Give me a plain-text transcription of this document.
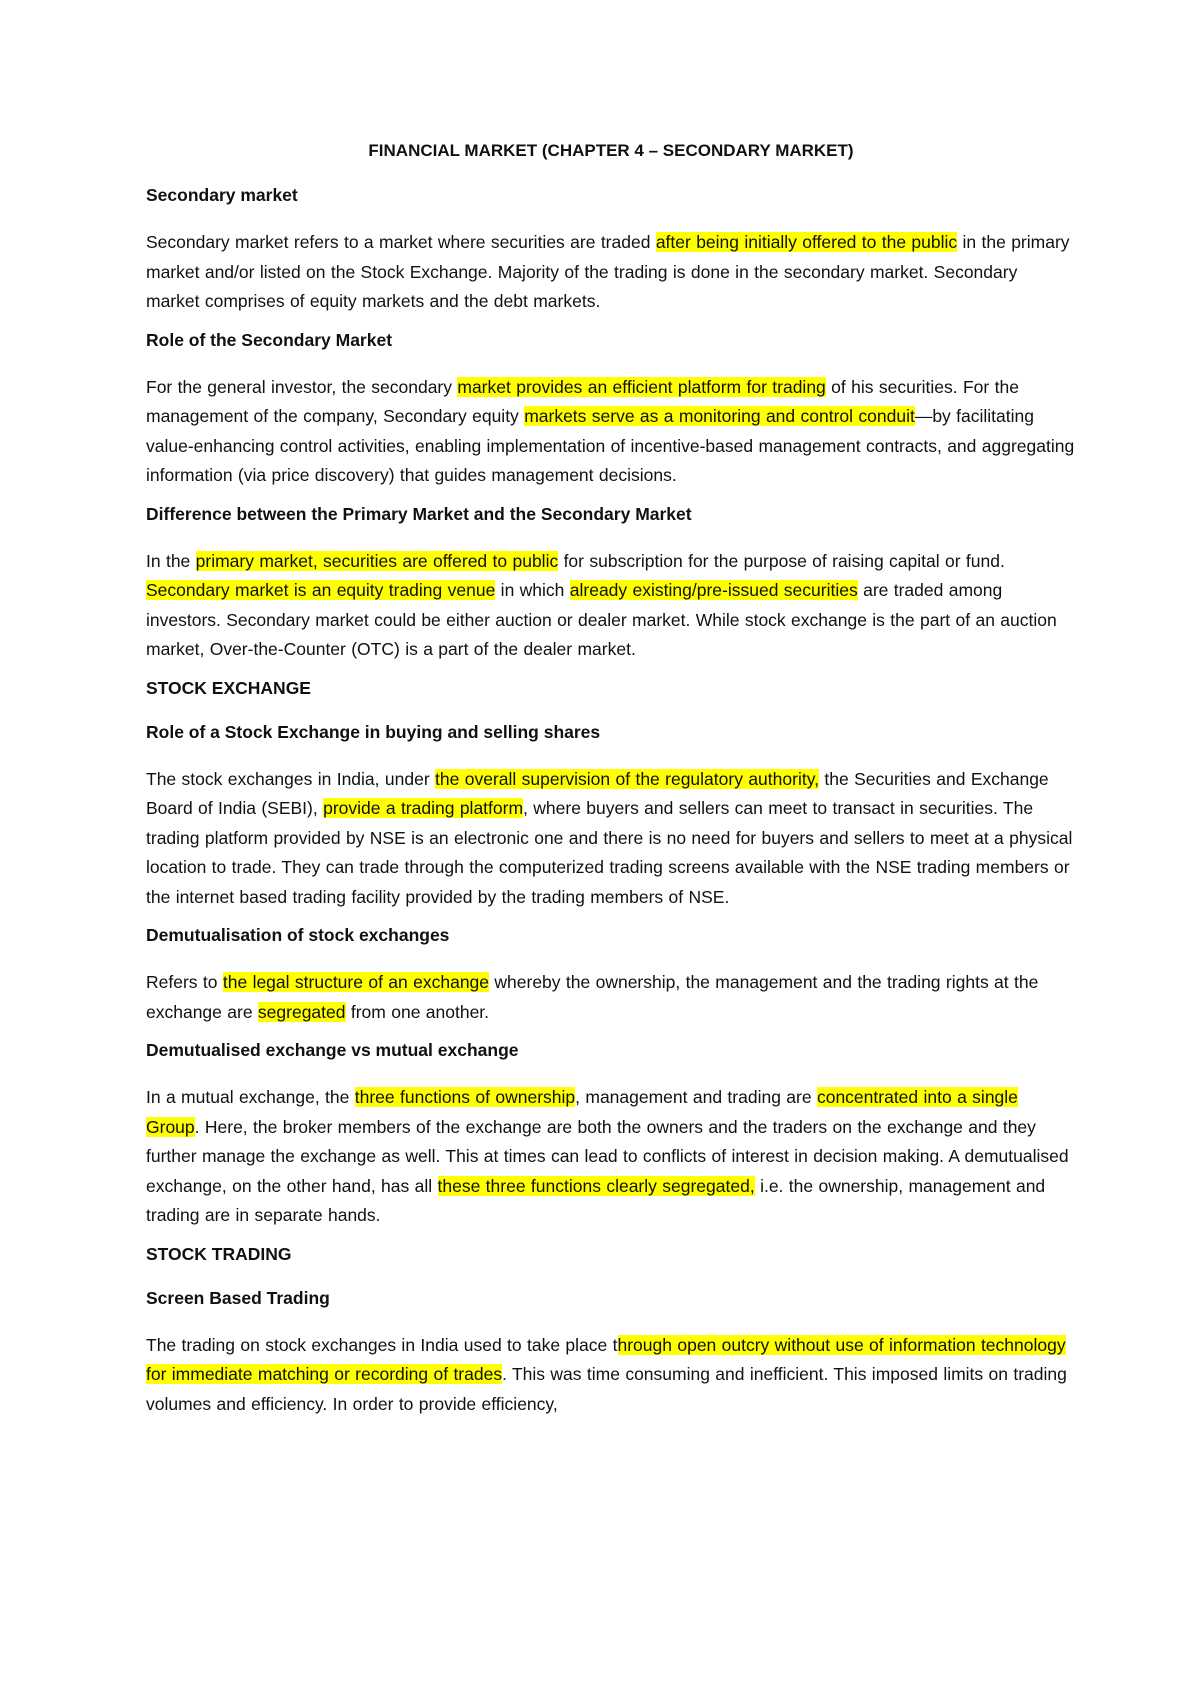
FINANCIAL MARKET (CHAPTER 4 – SECONDARY MARKET)
Secondary market

Secondary market refers to a market where securities are traded after being initially offered to the public in the primary market and/or listed on the Stock Exchange. Majority of the trading is done in the secondary market. Secondary market comprises of equity markets and the debt markets.

Role of the Secondary Market

For the general investor, the secondary market provides an efficient platform for trading of his securities. For the management of the company, Secondary equity markets serve as a monitoring and control conduit—by facilitating value-enhancing control activities, enabling implementation of incentive-based management contracts, and aggregating information (via price discovery) that guides management decisions.

Difference between the Primary Market and the Secondary Market

In the primary market, securities are offered to public for subscription for the purpose of raising capital or fund. Secondary market is an equity trading venue in which already existing/pre-issued securities are traded among investors. Secondary market could be either auction or dealer market. While stock exchange is the part of an auction market, Over-the-Counter (OTC) is a part of the dealer market.

STOCK EXCHANGE
Role of a Stock Exchange in buying and selling shares

The stock exchanges in India, under the overall supervision of the regulatory authority, the Securities and Exchange Board of India (SEBI), provide a trading platform, where buyers and sellers can meet to transact in securities. The trading platform provided by NSE is an electronic one and there is no need for buyers and sellers to meet at a physical location to trade. They can trade through the computerized trading screens available with the NSE trading members or the internet based trading facility provided by the trading members of NSE.

Demutualisation of stock exchanges

Refers to the legal structure of an exchange whereby the ownership, the management and the trading rights at the exchange are segregated from one another.

Demutualised exchange vs mutual exchange

In a mutual exchange, the three functions of ownership, management and trading are concentrated into a single Group. Here, the broker members of the exchange are both the owners and the traders on the exchange and they further manage the exchange as well. This at times can lead to conflicts of interest in decision making. A demutualised exchange, on the other hand, has all these three functions clearly segregated, i.e. the ownership, management and trading are in separate hands.

STOCK TRADING
Screen Based Trading

The trading on stock exchanges in India used to take place through open outcry without use of information technology for immediate matching or recording of trades. This was time consuming and inefficient. This imposed limits on trading volumes and efficiency. In order to provide efficiency,
